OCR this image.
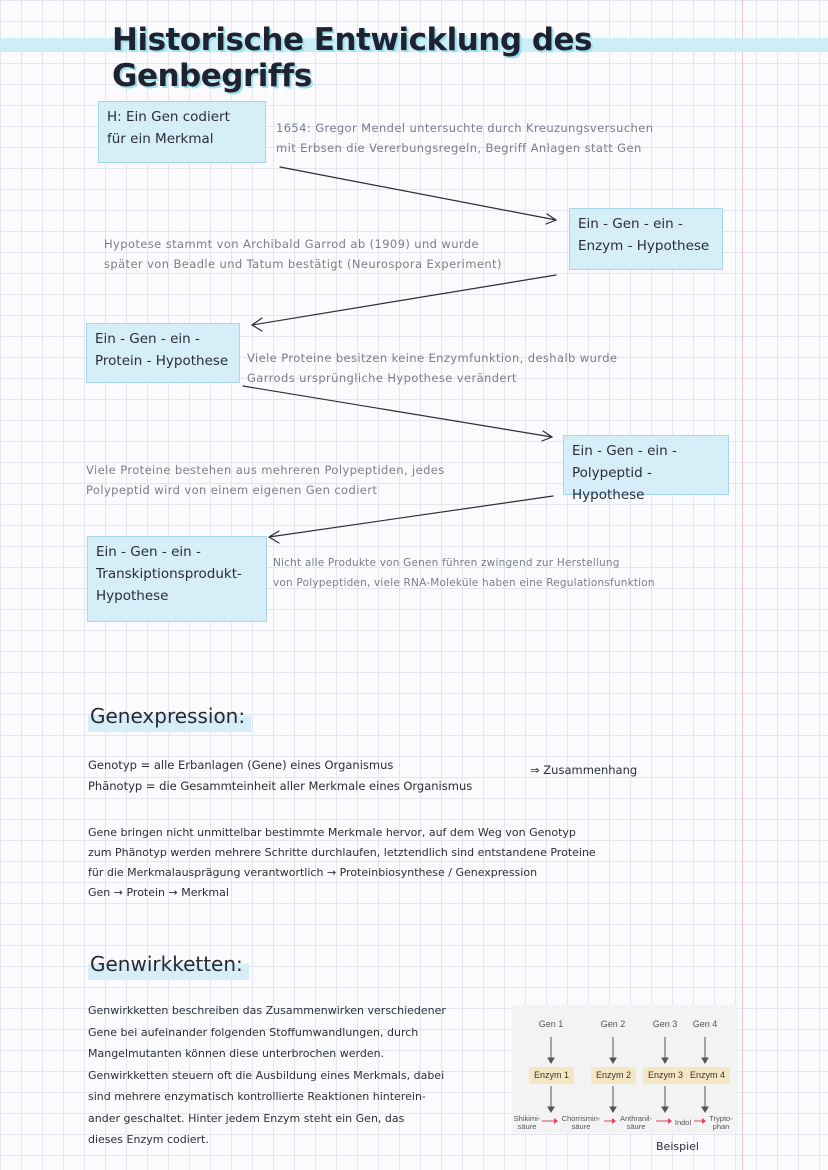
Historische Entwicklung des Genbegriffs
H: Ein Gen codiert
für ein Merkmal
Ein - Gen - ein -
Enzym - Hypothese
Ein - Gen - ein -
Protein - Hypothese
Ein - Gen - ein -
Polypeptid - Hypothese
Ein - Gen - ein -
Transkiptionsprodukt-
Hypothese
1654: Gregor Mendel untersuchte durch Kreuzungsversuchen
mit Erbsen die Vererbungsregeln, Begriff Anlagen statt Gen
Hypotese stammt von Archibald Garrod ab (1909) und wurde
später von Beadle und Tatum bestätigt (Neurospora Experiment)
Viele Proteine besitzen keine Enzymfunktion, deshalb wurde
Garrods ursprüngliche Hypothese verändert
Viele Proteine bestehen aus mehreren Polypeptiden, jedes
Polypeptid wird von einem eigenen Gen codiert
Nicht alle Produkte von Genen führen zwingend zur Herstellung
von Polypeptiden, viele RNA-Moleküle haben eine Regulationsfunktion
Genexpression:
Genotyp = alle Erbanlagen (Gene) eines Organismus
Phänotyp = die Gesammteinheit aller Merkmale eines Organismus
⇒ Zusammenhang
Gene bringen nicht unmittelbar bestimmte Merkmale hervor, auf dem Weg von Genotyp
zum Phänotyp werden mehrere Schritte durchlaufen, letztendlich sind entstandene Proteine
für die Merkmalausprägung verantwortlich → Proteinbiosynthese / Genexpression
Gen → Protein → Merkmal
Genwirkketten:
Genwirkketten beschreiben das Zusammenwirken verschiedener
Gene bei aufeinander folgenden Stoffumwandlungen, durch
Mangelmutanten können diese unterbrochen werden.
Genwirkketten steuern oft die Ausbildung eines Merkmals, dabei
sind mehrere enzymatisch kontrollierte Reaktionen hinterein-
ander geschaltet. Hinter jedem Enzym steht ein Gen, das
dieses Enzym codiert.
Gen 1	Gen 2	Gen 3	Gen 4
Enzym 1	Enzym 2	Enzym 3 Enzym 4
Shikimi-
säure
Chorrismin-
säure
Anthranil-
säure	Indol	Trypto-
phan
Beispiel
